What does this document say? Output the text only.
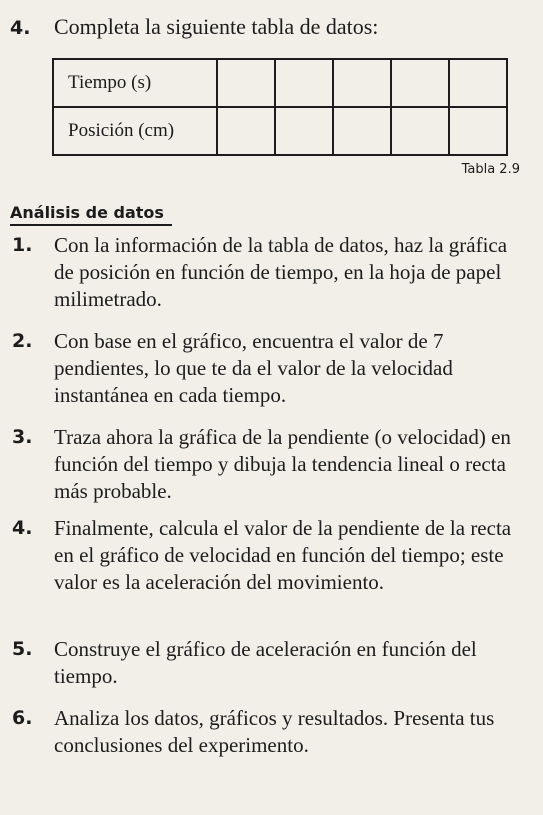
4. Completa la siguiente tabla de datos:
Tiempo (s)					
Posición (cm)					
Tabla 2.9
Análisis de datos
1. Con la información de la tabla de datos, haz la gráfica de posición en función de tiempo, en la hoja de papel milimetrado.
2. Con base en el gráfico, encuentra el valor de 7 pendientes, lo que te da el valor de la velocidad instantánea en cada tiempo.
3. Traza ahora la gráfica de la pendiente (o velocidad) en función del tiempo y dibuja la tendencia lineal o recta más probable.
4. Finalmente, calcula el valor de la pendiente de la recta en el gráfico de velocidad en función del tiempo; este valor es la aceleración del movimiento.
5. Construye el gráfico de aceleración en función del tiempo.
6. Analiza los datos, gráficos y resultados. Presenta tus conclusiones del experimento.
